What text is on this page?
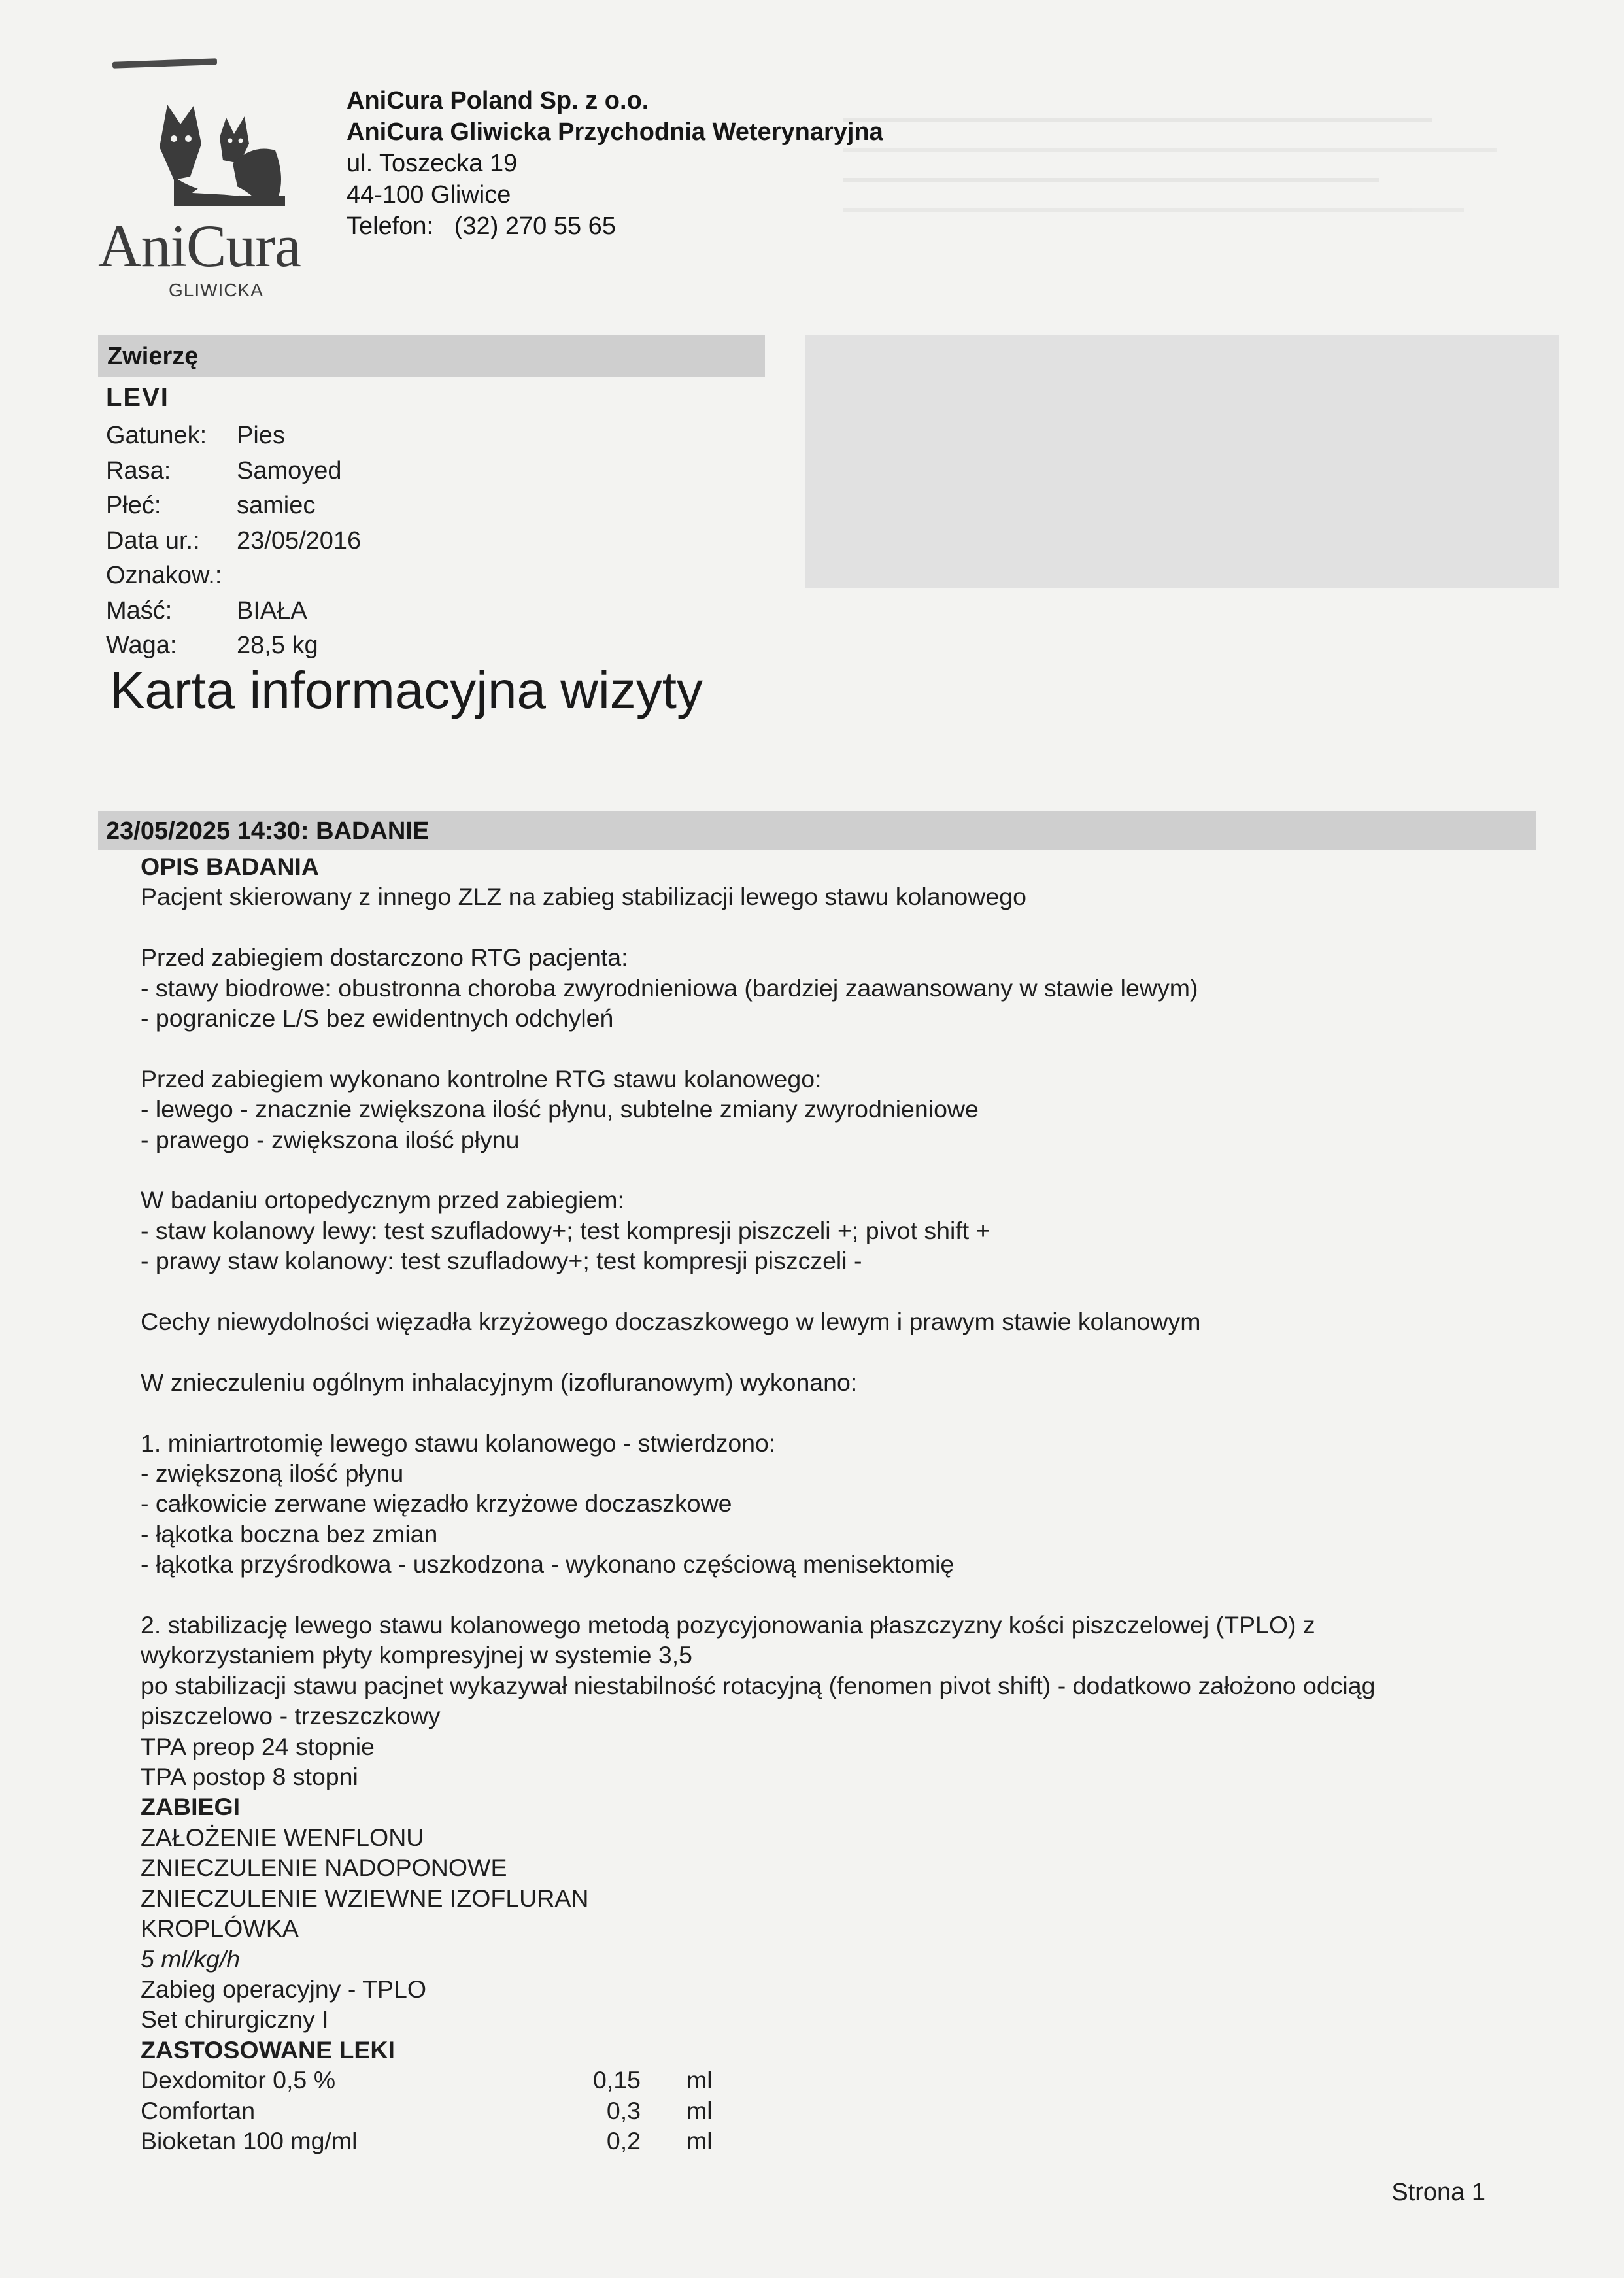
AniCura
GLIWICKA
AniCura Poland Sp. z o.o.
AniCura Gliwicka Przychodnia Weterynaryjna
ul. Toszecka 19
44-100 Gliwice
Telefon:   (32) 270 55 65
Zwierzę
LEVI
Gatunek:	Pies
Rasa:	Samoyed
Płeć:	samiec
Data ur.:	23/05/2016
Oznakow.:
Maść:	BIAŁA
Waga:	28,5 kg
Karta informacyjna wizyty
23/05/2025 14:30: BADANIE
OPIS BADANIA
Pacjent skierowany z innego ZLZ na zabieg stabilizacji lewego stawu kolanowego
Przed zabiegiem dostarczono RTG pacjenta:
- stawy biodrowe: obustronna choroba zwyrodnieniowa (bardziej zaawansowany w stawie lewym)
- pogranicze L/S bez ewidentnych odchyleń
Przed zabiegiem wykonano kontrolne RTG stawu kolanowego:
- lewego - znacznie zwiększona ilość płynu, subtelne zmiany zwyrodnieniowe
- prawego - zwiększona ilość płynu
W badaniu ortopedycznym przed zabiegiem:
- staw kolanowy lewy: test szufladowy+; test kompresji piszczeli +; pivot shift +
- prawy staw kolanowy: test szufladowy+; test kompresji piszczeli -
Cechy niewydolności więzadła krzyżowego doczaszkowego w lewym i prawym stawie kolanowym
W znieczuleniu ogólnym inhalacyjnym (izofluranowym) wykonano:
1. miniartrotomię lewego stawu kolanowego - stwierdzono:
- zwiększoną ilość płynu
- całkowicie zerwane więzadło krzyżowe doczaszkowe
- łąkotka boczna bez zmian
- łąkotka przyśrodkowa - uszkodzona - wykonano częściową menisektomię
2. stabilizację lewego stawu kolanowego metodą pozycyjonowania płaszczyzny kości piszczelowej (TPLO) z
wykorzystaniem płyty kompresyjnej w systemie 3,5
po stabilizacji stawu pacjnet wykazywał niestabilność rotacyjną (fenomen pivot shift) - dodatkowo założono odciąg
piszczelowo - trzeszczkowy
TPA preop 24 stopnie
TPA postop 8 stopni
ZABIEGI
ZAŁOŻENIE WENFLONU
ZNIECZULENIE NADOPONOWE
ZNIECZULENIE WZIEWNE IZOFLURAN
KROPLÓWKA
5 ml/kg/h
Zabieg operacyjny - TPLO
Set chirurgiczny I
ZASTOSOWANE LEKI
Dexdomitor 0,5 %	0,15 ml
Comfortan	0,3 ml
Bioketan 100 mg/ml	0,2 ml
Strona 1
